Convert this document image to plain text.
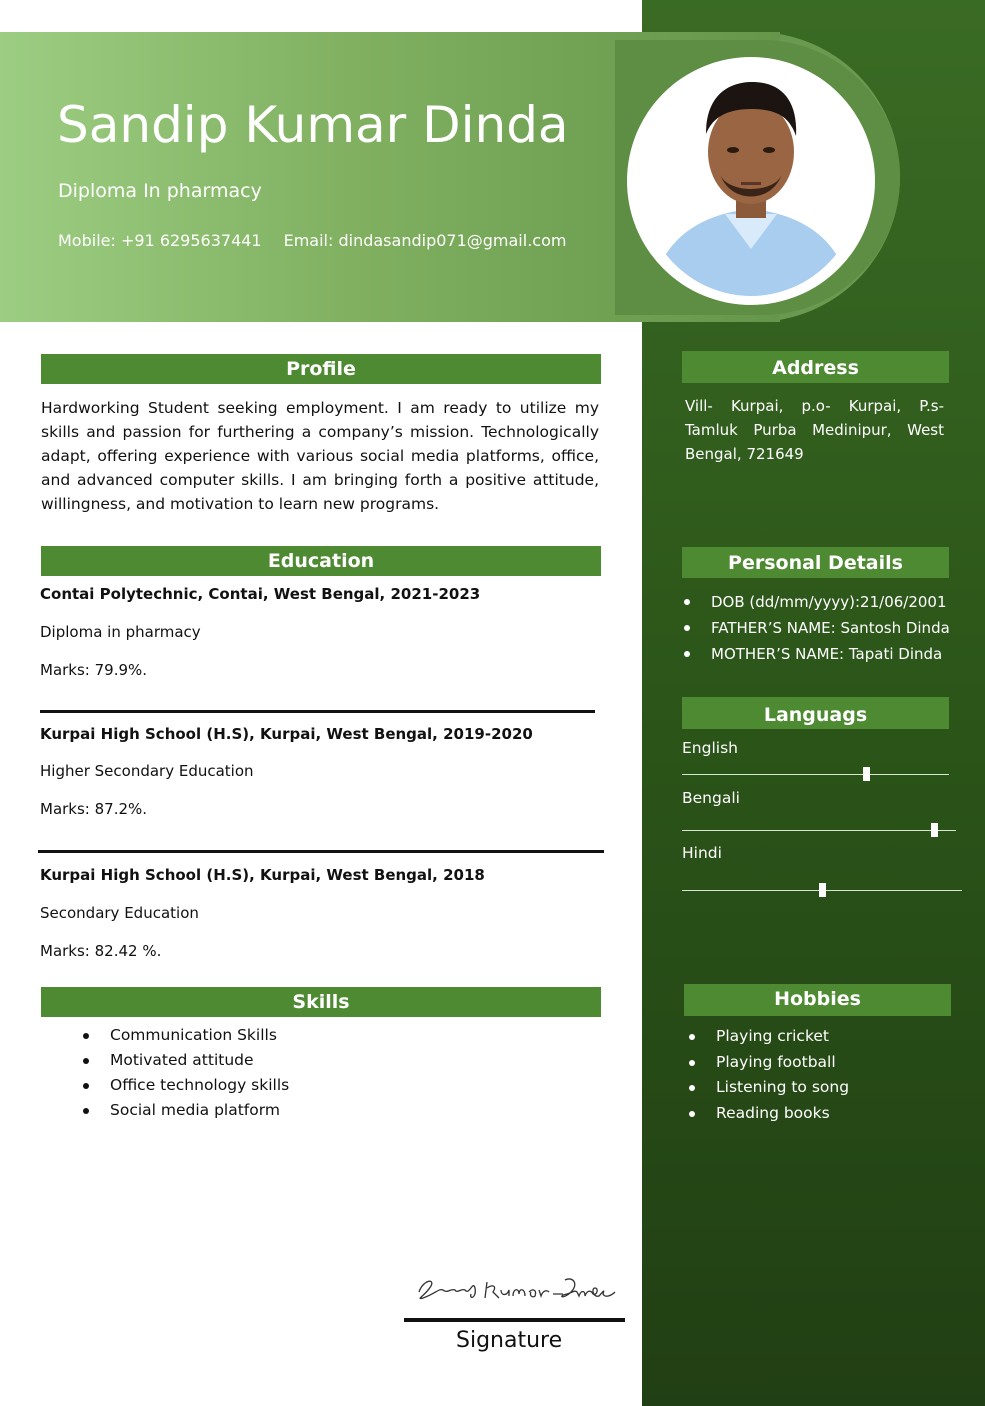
Sandip Kumar Dinda
Diploma In pharmacy
Mobile: +91 6295637441 Email: dindasandip071@gmail.com
Profile
Hardworking Student seeking employment. I am ready to utilize my skills and passion for furthering a company’s mission. Technologically adapt, offering experience with various social media platforms, office, and advanced computer skills. I am bringing forth a positive attitude, willingness, and motivation to learn new programs.
Education
Contai Polytechnic, Contai, West Bengal, 2021-2023
Diploma in pharmacy
Marks: 79.9%.
Kurpai High School (H.S), Kurpai, West Bengal, 2019-2020
Higher Secondary Education
Marks: 87.2%.
Kurpai High School (H.S), Kurpai, West Bengal, 2018
Secondary Education
Marks: 82.42 %.
Skills
Communication Skills
Motivated attitude
Office technology skills
Social media platform
Address
Vill- Kurpai, p.o- Kurpai, P.s- Tamluk Purba Medinipur, West Bengal, 721649
Personal Details
DOB (dd/mm/yyyy):21/06/2001
FATHER’S NAME: Santosh Dinda
MOTHER’S NAME: Tapati Dinda
Languags
English
Bengali
Hindi
Hobbies
Playing cricket
Playing football
Listening to song
Reading books
Signature
